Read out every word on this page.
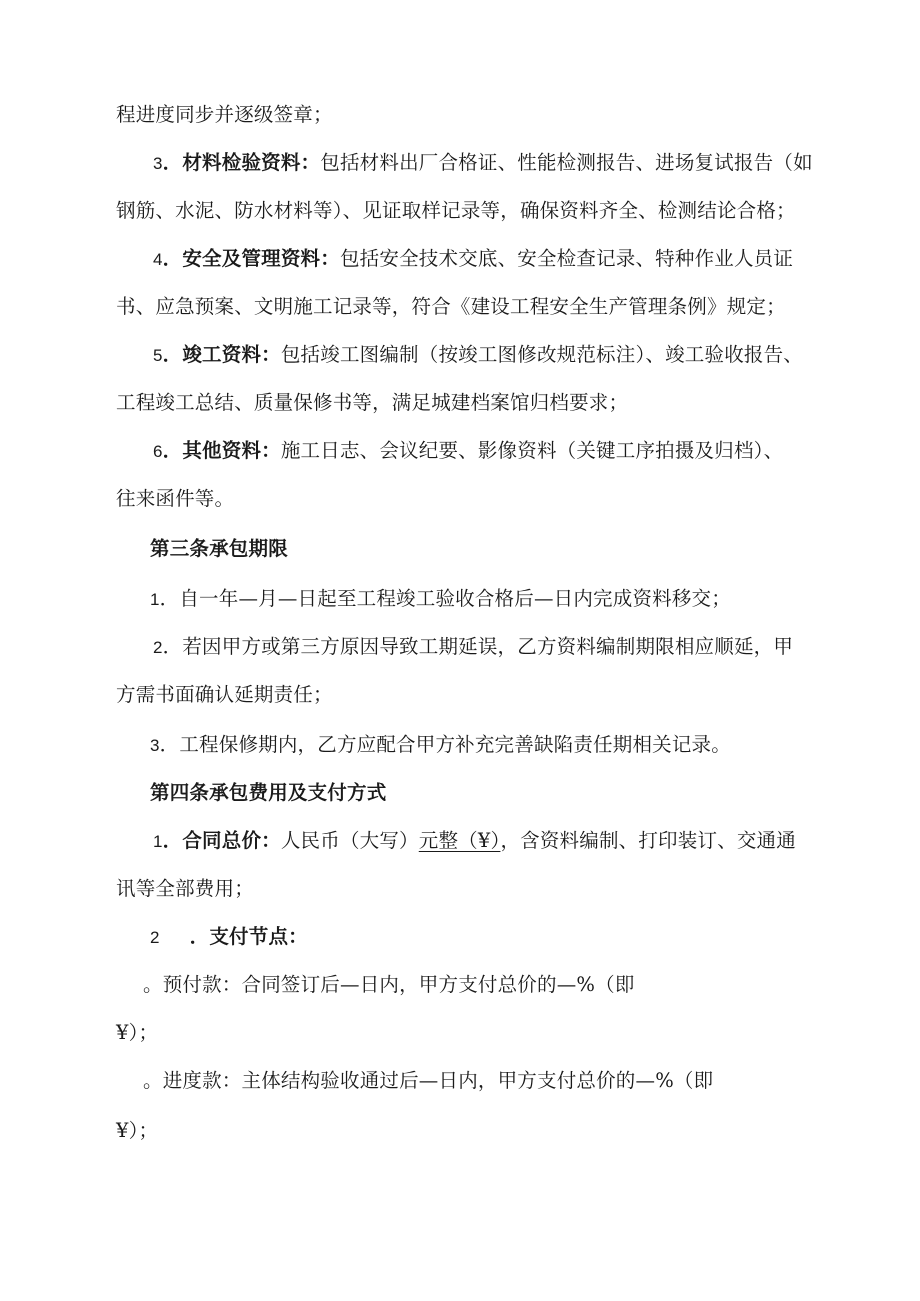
程进度同步并逐级签章；
3．材料检验资料：包括材料出厂合格证、性能检测报告、进场复试报告（如
钢筋、水泥、防水材料等）、见证取样记录等，确保资料齐全、检测结论合格；
4．安全及管理资料：包括安全技术交底、安全检查记录、特种作业人员证
书、应急预案、文明施工记录等，符合《建设工程安全生产管理条例》规定；
5．竣工资料：包括竣工图编制（按竣工图修改规范标注）、竣工验收报告、
工程竣工总结、质量保修书等，满足城建档案馆归档要求；
6．其他资料：施工日志、会议纪要、影像资料（关键工序拍摄及归档）、
往来函件等。
第三条承包期限
1．自一年—月—日起至工程竣工验收合格后—日内完成资料移交；
2．若因甲方或第三方原因导致工期延误，乙方资料编制期限相应顺延，甲
方需书面确认延期责任；
3．工程保修期内，乙方应配合甲方补充完善缺陷责任期相关记录。
第四条承包费用及支付方式
1．合同总价：人民币（大写）元整（¥），含资料编制、打印装订、交通通
讯等全部费用；
2 ．支付节点：
。预付款：合同签订后—日内，甲方支付总价的—%（即
¥）；
。进度款：主体结构验收通过后—日内，甲方支付总价的—%（即
¥）；
